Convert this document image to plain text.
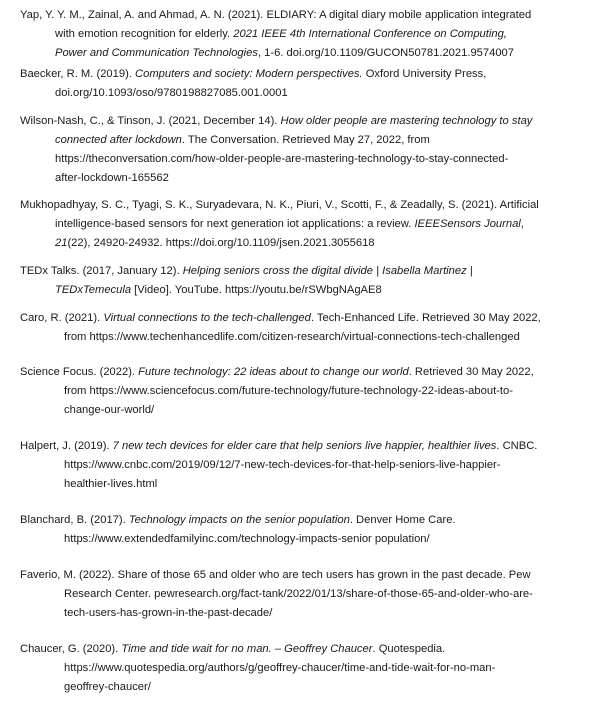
Yap, Y. Y. M., Zainal, A. and Ahmad, A. N. (2021). ELDIARY: A digital diary mobile application integrated
with emotion recognition for elderly. 2021 IEEE 4th International Conference on Computing,
Power and Communication Technologies, 1-6. doi.org/10.1109/GUCON50781.2021.9574007
Baecker, R. M. (2019). Computers and society: Modern perspectives. Oxford University Press,
doi.org/10.1093/oso/9780198827085.001.0001
Wilson-Nash, C., & Tinson, J. (2021, December 14). How older people are mastering technology to stay
connected after lockdown. The Conversation. Retrieved May 27, 2022, from
https://theconversation.com/how-older-people-are-mastering-technology-to-stay-connected-
after-lockdown-165562
Mukhopadhyay, S. C., Tyagi, S. K., Suryadevara, N. K., Piuri, V., Scotti, F., & Zeadally, S. (2021). Artificial
intelligence-based sensors for next generation iot applications: a review. IEEESensors Journal,
21(22), 24920-24932. https://doi.org/10.1109/jsen.2021.3055618
TEDx Talks. (2017, January 12). Helping seniors cross the digital divide | Isabella Martinez |
TEDxTemecula [Video]. YouTube. https://youtu.be/rSWbgNAgAE8
Caro, R. (2021). Virtual connections to the tech-challenged. Tech-Enhanced Life. Retrieved 30 May 2022,
from https://www.techenhancedlife.com/citizen-research/virtual-connections-tech-challenged
Science Focus. (2022). Future technology: 22 ideas about to change our world. Retrieved 30 May 2022,
from https://www.sciencefocus.com/future-technology/future-technology-22-ideas-about-to-
change-our-world/
Halpert, J. (2019). 7 new tech devices for elder care that help seniors live happier, healthier lives. CNBC.
https://www.cnbc.com/2019/09/12/7-new-tech-devices-for-that-help-seniors-live-happier-
healthier-lives.html
Blanchard, B. (2017). Technology impacts on the senior population. Denver Home Care.
https://www.extendedfamilyinc.com/technology-impacts-senior population/
Faverio, M. (2022). Share of those 65 and older who are tech users has grown in the past decade. Pew
Research Center. pewresearch.org/fact-tank/2022/01/13/share-of-those-65-and-older-who-are-
tech-users-has-grown-in-the-past-decade/
Chaucer, G. (2020). Time and tide wait for no man. – Geoffrey Chaucer. Quotespedia.
https://www.quotespedia.org/authors/g/geoffrey-chaucer/time-and-tide-wait-for-no-man-
geoffrey-chaucer/
